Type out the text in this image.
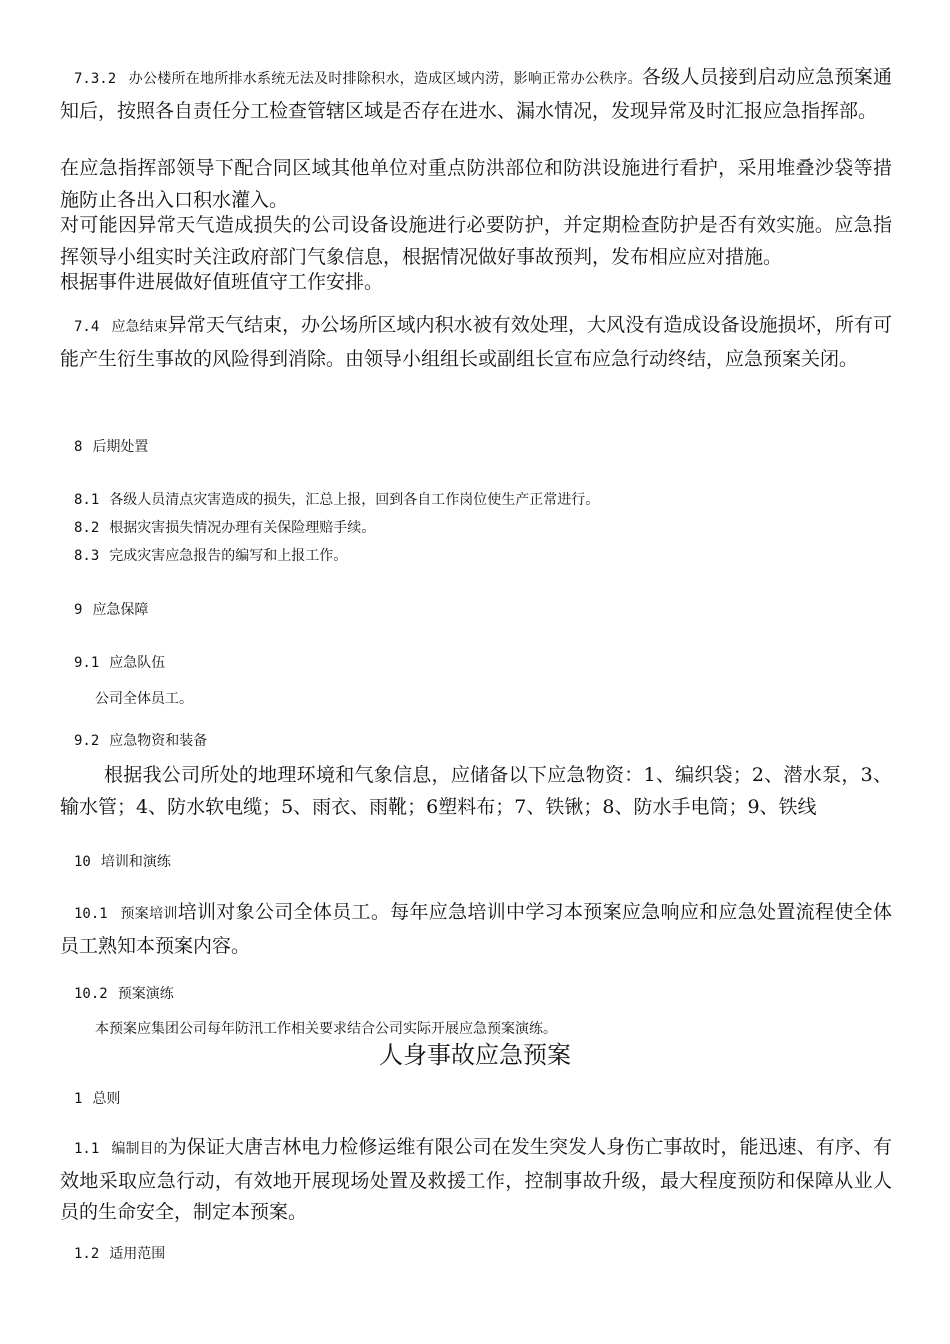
7.3.2 办公楼所在地所排水系统无法及时排除积水，造成区域内涝，影响正常办公秩序。各级人员接到启动应急预案通知后，按照各自责任分工检查管辖区域是否存在进水、漏水情况，发现异常及时汇报应急指挥部。
在应急指挥部领导下配合同区域其他单位对重点防洪部位和防洪设施进行看护，采用堆叠沙袋等措施防止各出入口积水灌入。
对可能因异常天气造成损失的公司设备设施进行必要防护，并定期检查防护是否有效实施。应急指挥领导小组实时关注政府部门气象信息，根据情况做好事故预判，发布相应应对措施。
根据事件进展做好值班值守工作安排。
7.4 应急结束异常天气结束，办公场所区域内积水被有效处理，大风没有造成设备设施损坏，所有可能产生衍生事故的风险得到消除。由领导小组组长或副组长宣布应急行动终结，应急预案关闭。
8 后期处置
8.1 各级人员清点灾害造成的损失，汇总上报，回到各自工作岗位使生产正常进行。
8.2 根据灾害损失情况办理有关保险理赔手续。
8.3 完成灾害应急报告的编写和上报工作。
9 应急保障
9.1 应急队伍
公司全体员工。
9.2 应急物资和装备
根据我公司所处的地理环境和气象信息，应储备以下应急物资：1、编织袋；2、潜水泵，3、输水管；4、防水软电缆；5、雨衣、雨靴；6塑料布；7、铁锹；8、防水手电筒；9、铁线
10 培训和演练
10.1 预案培训培训对象公司全体员工。每年应急培训中学习本预案应急响应和应急处置流程使全体员工熟知本预案内容。
10.2 预案演练
本预案应集团公司每年防汛工作相关要求结合公司实际开展应急预案演练。
人身事故应急预案
1 总则
1.1 编制目的为保证大唐吉林电力检修运维有限公司在发生突发人身伤亡事故时，能迅速、有序、有效地采取应急行动，有效地开展现场处置及救援工作，控制事故升级，最大程度预防和保障从业人员的生命安全，制定本预案。
1.2 适用范围
